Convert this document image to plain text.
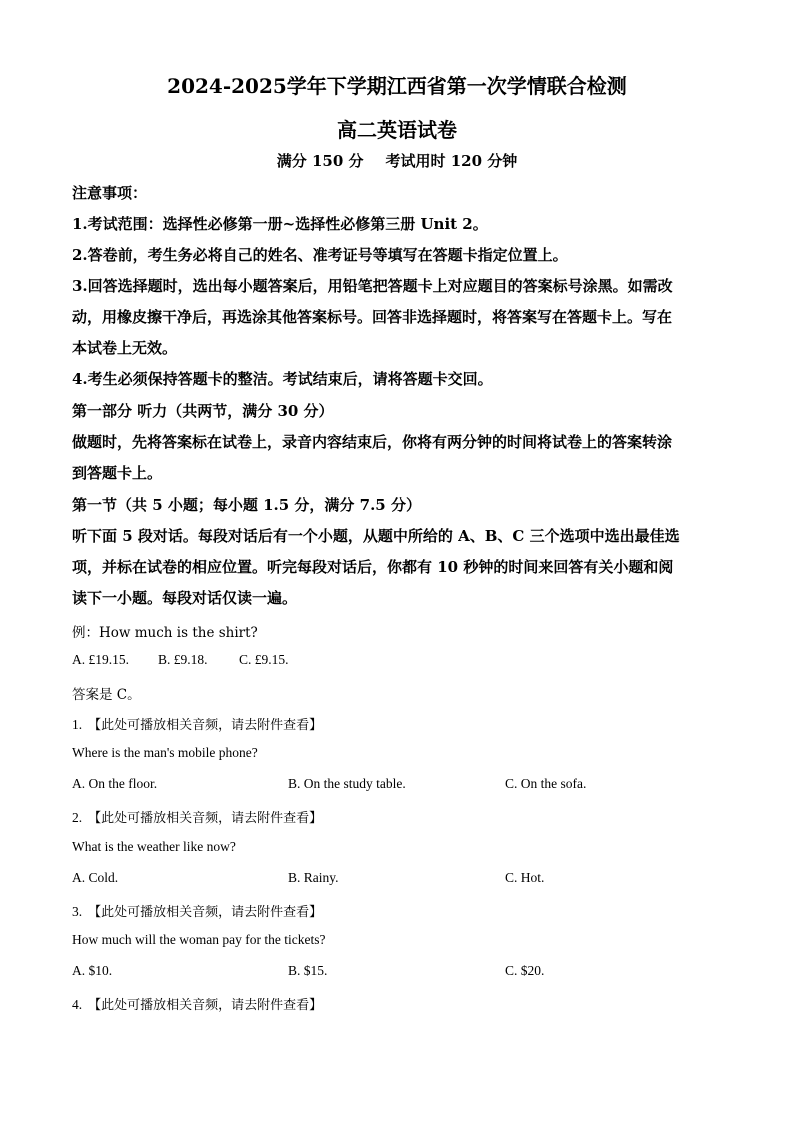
2024-2025学年下学期江西省第一次学情联合检测
高二英语试卷
满分 150 分 考试用时 120 分钟
注意事项：
1.考试范围：选择性必修第一册~选择性必修第三册 Unit 2。
2.答卷前，考生务必将自己的姓名、准考证号等填写在答题卡指定位置上。
3.回答选择题时，选出每小题答案后，用铅笔把答题卡上对应题目的答案标号涂黑。如需改
动，用橡皮擦干净后，再选涂其他答案标号。回答非选择题时，将答案写在答题卡上。写在
本试卷上无效。
4.考生必须保持答题卡的整洁。考试结束后，请将答题卡交回。
第一部分 听力（共两节，满分 30 分）
做题时，先将答案标在试卷上，录音内容结束后，你将有两分钟的时间将试卷上的答案转涂
到答题卡上。
第一节（共 5 小题；每小题 1.5 分，满分 7.5 分）
听下面 5 段对话。每段对话后有一个小题，从题中所给的 A、B、C 三个选项中选出最佳选
项，并标在试卷的相应位置。听完每段对话后，你都有 10 秒钟的时间来回答有关小题和阅
读下一小题。每段对话仅读一遍。
例：How much is the shirt?
A. £19.15. B. £9.18. C. £9.15.
答案是 C。
1. 【此处可播放相关音频，请去附件查看】
Where is the man's mobile phone?
A. On the floor.	B. On the study table.	C. On the sofa.
2. 【此处可播放相关音频，请去附件查看】
What is the weather like now?
A. Cold.	B. Rainy.	C. Hot.
3. 【此处可播放相关音频，请去附件查看】
How much will the woman pay for the tickets?
A. $10.	B. $15.	C. $20.
4. 【此处可播放相关音频，请去附件查看】
